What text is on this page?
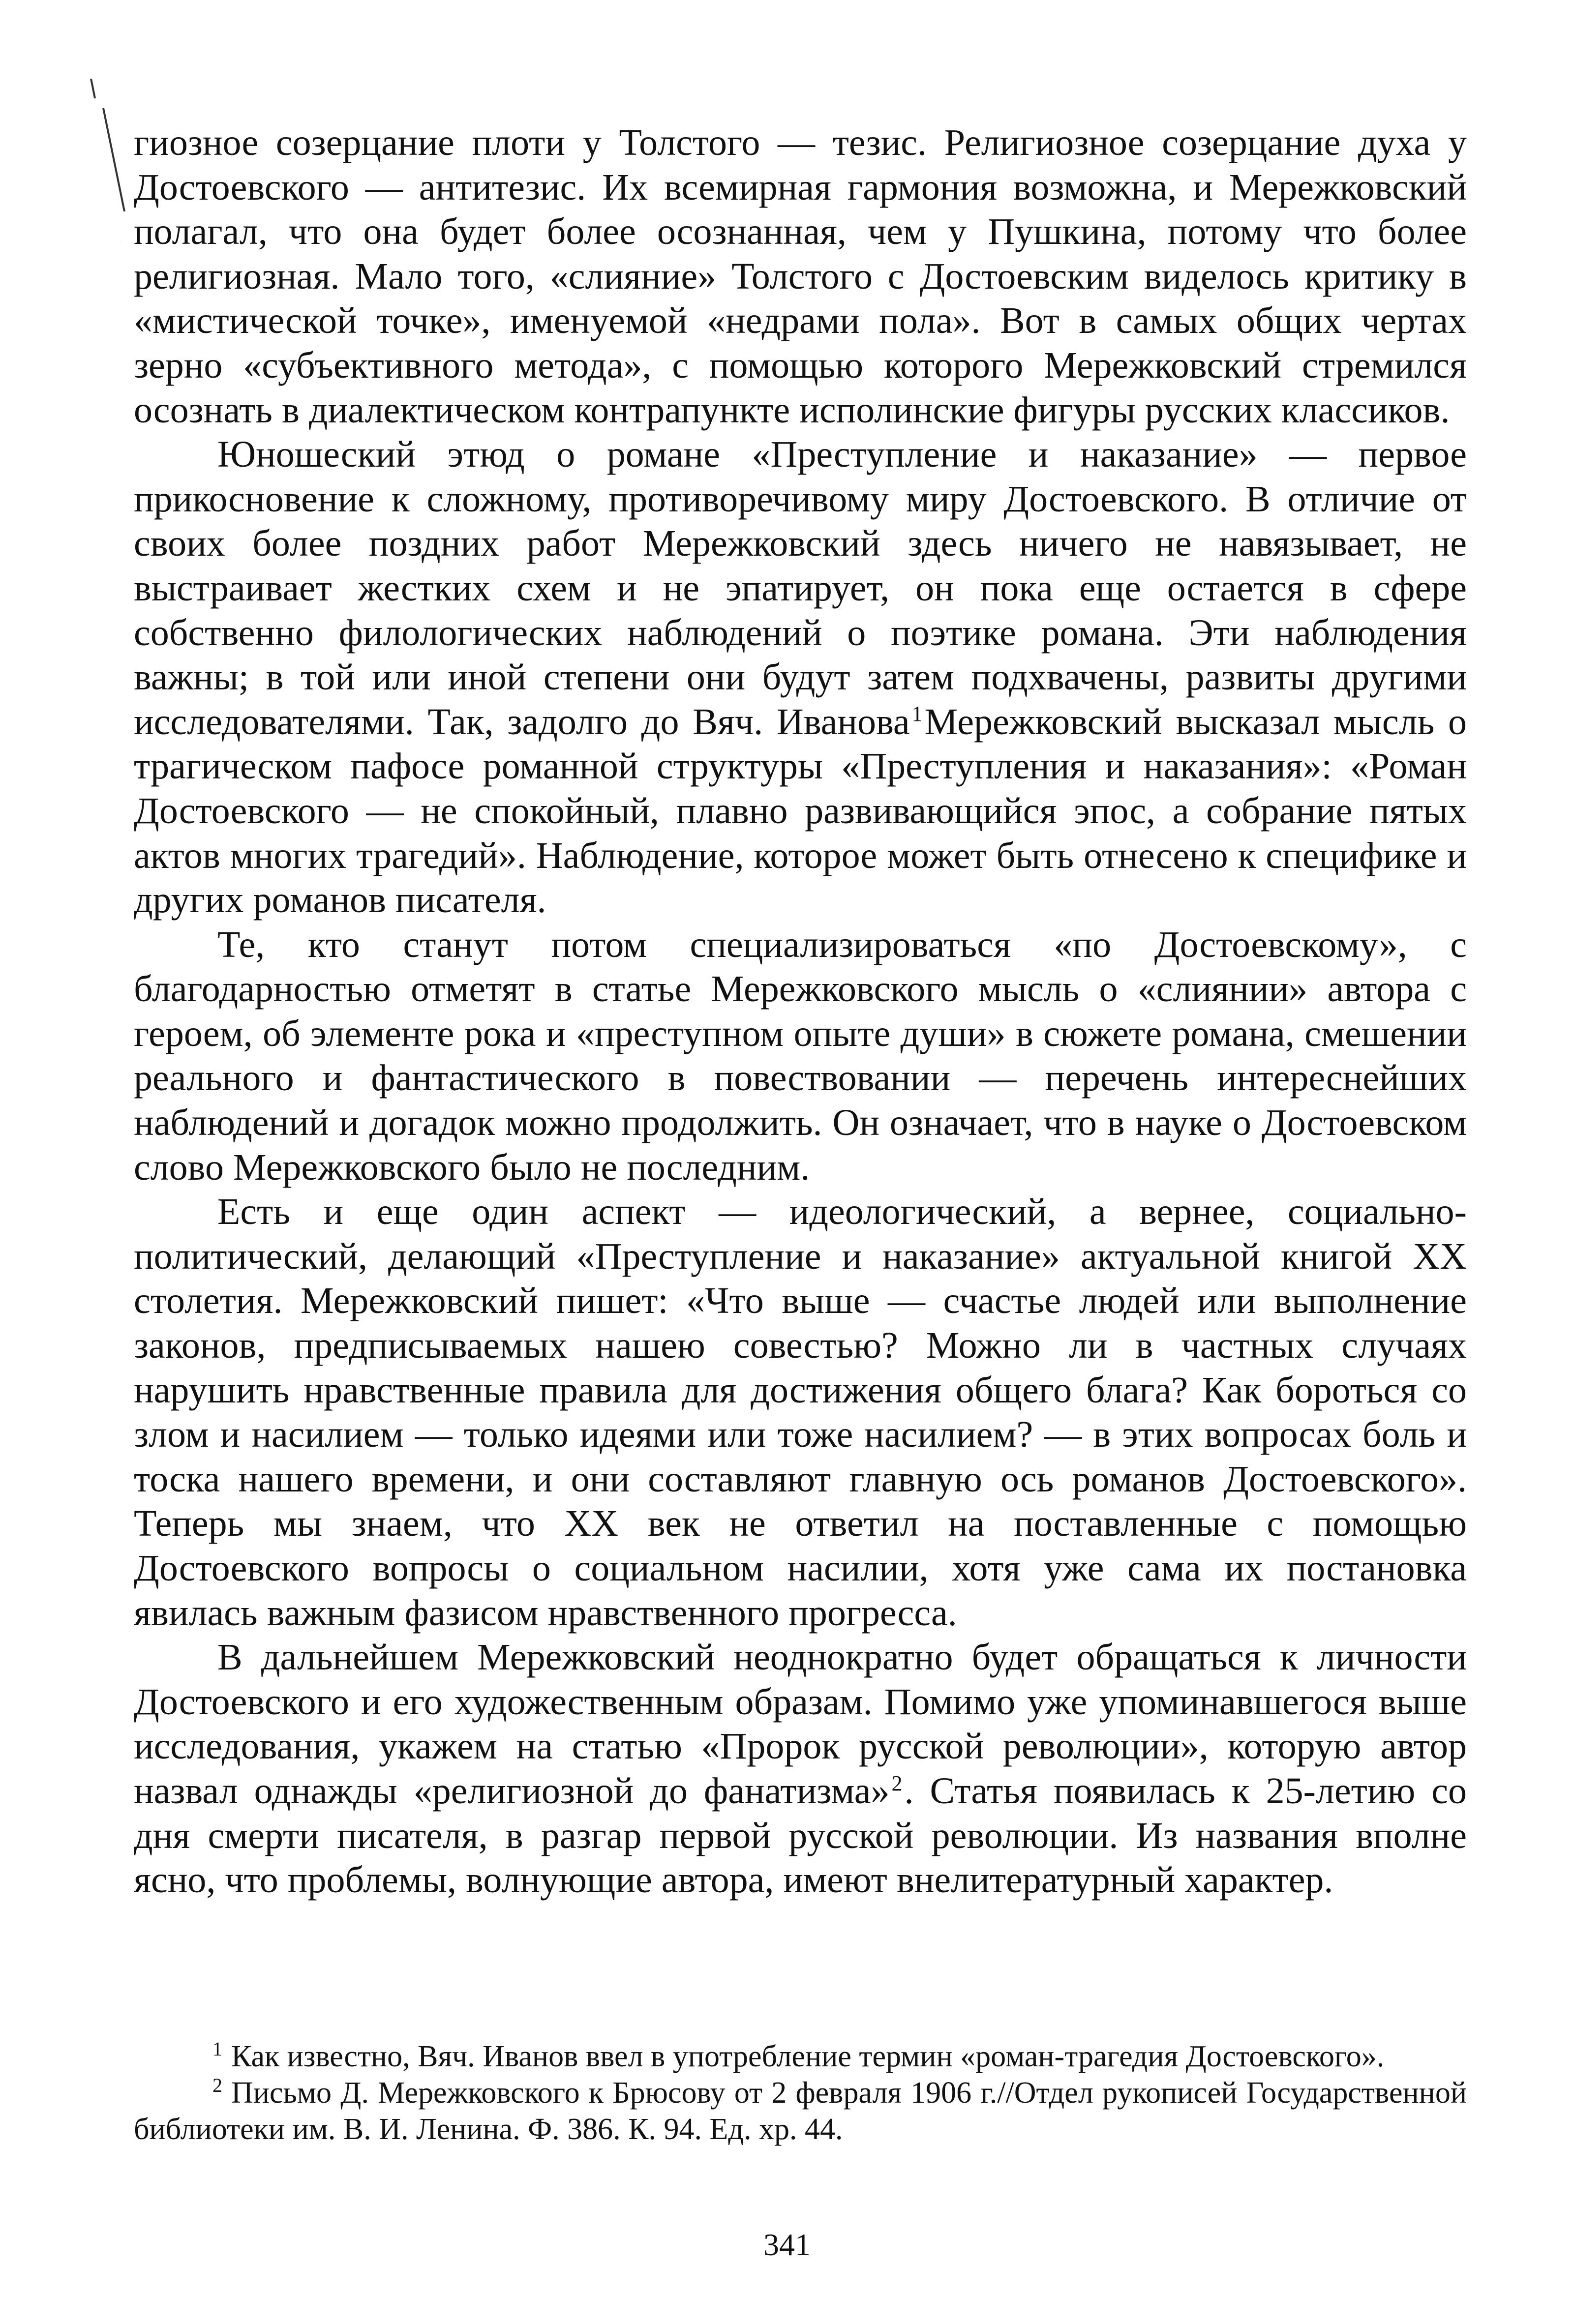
гиозное созерцание плоти у Толстого — тезис. Религиозное созерцание духа у Достоевского — антитезис. Их всемирная гармония возможна, и Мережковский полагал, что она будет более осознанная, чем у Пушкина, потому что более религиозная. Мало того, «слияние» Толстого с Достоевским виделось критику в «мистической точке», именуемой «недрами пола». Вот в самых общих чертах зерно «субъективного метода», с помощью которого Мережковский стремился осознать в диалектическом контрапункте исполинские фигуры русских классиков.

Юношеский этюд о романе «Преступление и наказание» — первое прикосновение к сложному, противоречивому миру Достоевского. В отличие от своих более поздних работ Мережковский здесь ничего не навязывает, не выстраивает жестких схем и не эпатирует, он пока еще остается в сфере собственно филологических наблюдений о поэтике романа. Эти наблюдения важны; в той или иной степени они будут затем подхвачены, развиты другими исследователями. Так, задолго до Вяч. Иванова$^1$Мережковский высказал мысль о трагическом пафосе романной структуры «Преступления и наказания»: «Роман Достоевского — не спокойный, плавно развивающийся эпос, а собрание пятых актов многих трагедий». Наблюдение, которое может быть отнесено к специфике и других романов писателя.

Те, кто станут потом специализироваться «по Достоевскому», с благодарностью отметят в статье Мережковского мысль о «слиянии» автора с героем, об элементе рока и «преступном опыте души» в сюжете романа, смешении реального и фантастического в повествовании — перечень интереснейших наблюдений и догадок можно продолжить. Он означает, что в науке о Достоевском слово Мережковского было не последним.

Есть и еще один аспект — идеологический, а вернее, социально-политический, делающий «Преступление и наказание» актуальной книгой XX столетия. Мережковский пишет: «Что выше — счастье людей или выполнение законов, предписываемых нашею совестью? Можно ли в частных случаях нарушить нравственные правила для достижения общего блага? Как бороться со злом и насилием — только идеями или тоже насилием? — в этих вопросах боль и тоска нашего времени, и они составляют главную ось романов Достоевского». Теперь мы знаем, что XX век не ответил на поставленные с помощью Достоевского вопросы о социальном насилии, хотя уже сама их постановка явилась важным фазисом нравственного прогресса.

В дальнейшем Мережковский неоднократно будет обращаться к личности Достоевского и его художественным образам. Помимо уже упоминавшегося выше исследования, укажем на статью «Пророк русской революции», которую автор назвал однажды «религиозной до фанатизма»$^2$. Статья появилась к 25-летию со дня смерти писателя, в разгар первой русской революции. Из названия вполне ясно, что проблемы, волнующие автора, имеют внелитературный характер.

$^1$ Как известно, Вяч. Иванов ввел в употребление термин «роман-трагедия Достоевского».

$^2$ Письмо Д. Мережковского к Брюсову от 2 февраля 1906 г.//Отдел рукописей Государственной библиотеки им. В. И. Ленина. Ф. 386. К. 94. Ед. хр. 44.

341
